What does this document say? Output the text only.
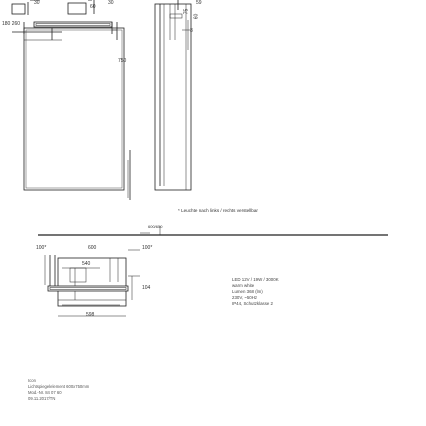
30	30
60
59
180 260
750
75
8
60
* Leuchte nach links / rechts verstellbar
600/650
100*	600	100*
540
104
598
LED 12V / 19W / 3000K
warm white
Lumen 368 (lm)
230V, ~50Hz
IP44, Schutzklasse 2
Icon
Lichtspiegelelement 600x750mm
Mod.-Nr. 84 07 60
09.11.2017/TN
